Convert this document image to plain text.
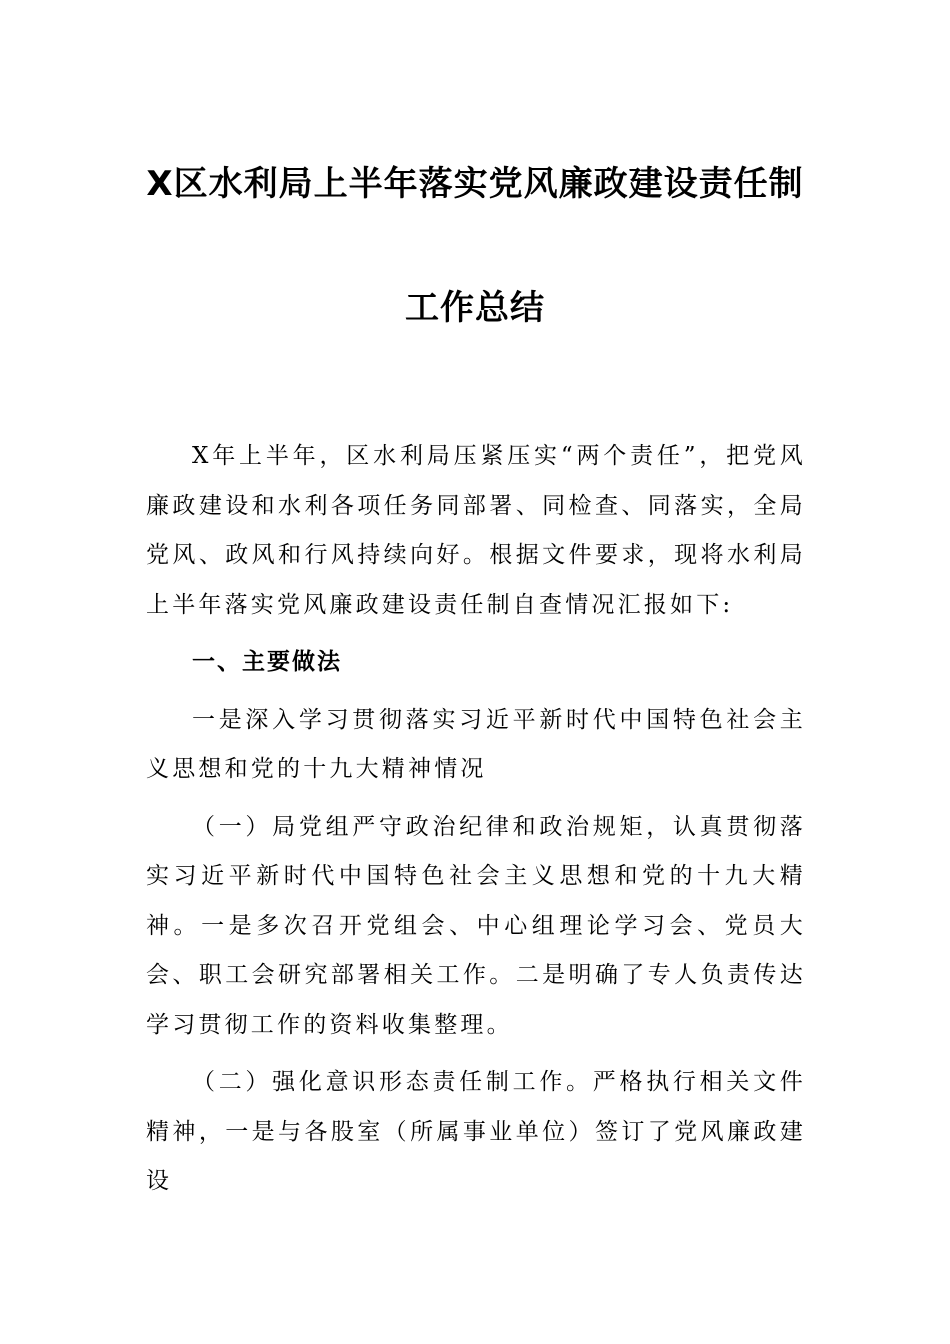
X区水利局上半年落实党风廉政建设责任制
工作总结

X年上半年，区水利局压紧压实“两个责任”，把党风廉政建设和水利各项任务同部署、同检查、同落实，全局党风、政风和行风持续向好。根据文件要求，现将水利局上半年落实党风廉政建设责任制自查情况汇报如下:

一、主要做法

一是深入学习贯彻落实习近平新时代中国特色社会主义思想和党的十九大精神情况

（一）局党组严守政治纪律和政治规矩，认真贯彻落实习近平新时代中国特色社会主义思想和党的十九大精神。一是多次召开党组会、中心组理论学习会、党员大会、职工会研究部署相关工作。二是明确了专人负责传达学习贯彻工作的资料收集整理。

（二）强化意识形态责任制工作。严格执行相关文件精神，一是与各股室（所属事业单位）签订了党风廉政建设
